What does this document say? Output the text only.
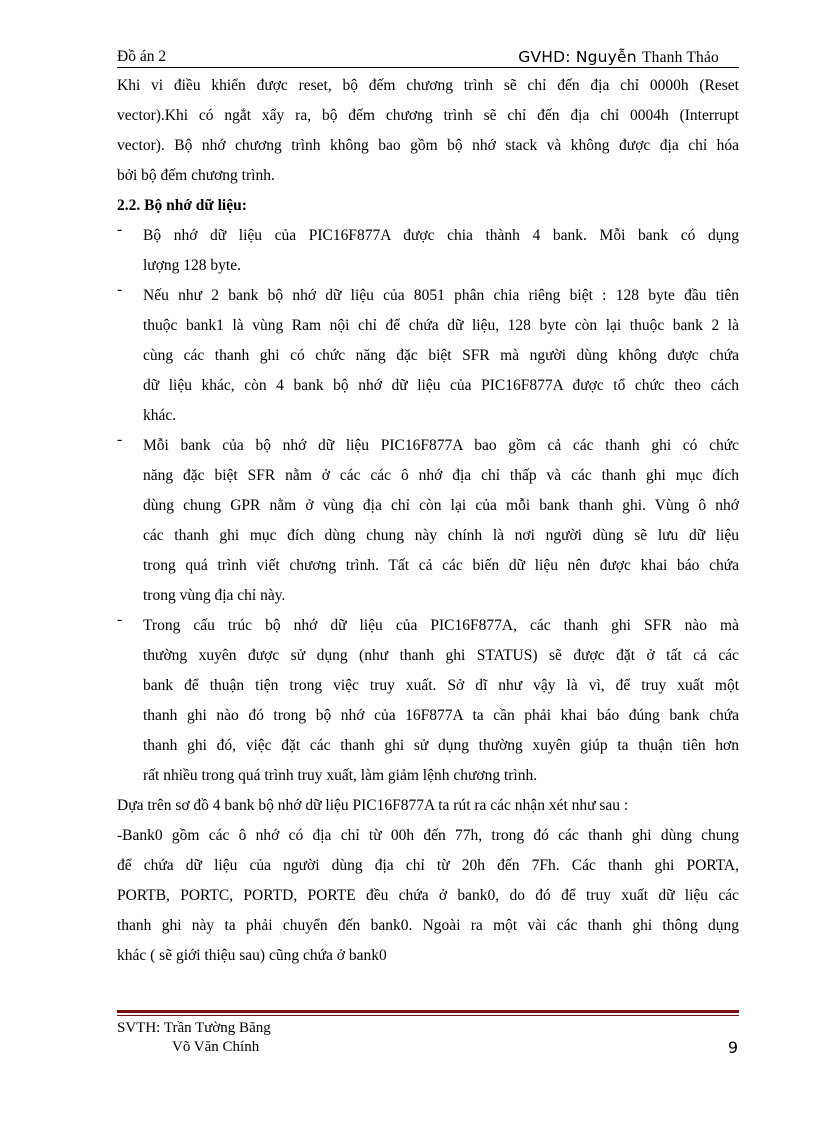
Đồ án 2	GVHD: Nguyễn Thanh Thảo
Khi vi điều khiển được reset, bộ đếm chương trình sẽ chỉ đến địa chỉ 0000h (Reset
vector).Khi có ngắt xẩy ra, bộ đếm chương trình sẽ chỉ đến địa chỉ 0004h (Interrupt
vector). Bộ nhớ chương trình không bao gồm bộ nhớ stack và không được địa chỉ hóa
bởi bộ đếm chương trình.
2.2. Bộ nhớ dữ liệu:
-	Bộ nhớ dữ liệu của PIC16F877A được chia thành 4 bank. Mỗi bank có dụng
lượng 128 byte.
-	Nếu như 2 bank bộ nhớ dữ liệu của 8051 phân chia riêng biệt : 128 byte đầu tiên
thuộc bank1 là vùng Ram nội chỉ để chứa dữ liệu, 128 byte còn lại thuộc bank 2 là
cùng các thanh ghi có chức năng đặc biệt SFR mà người dùng không được chứa
dữ liệu khác, còn 4 bank bộ nhớ dữ liệu của PIC16F877A được tổ chức theo cách
khác.
-	Mỗi bank của bộ nhớ dữ liệu PIC16F877A bao gồm cả các thanh ghi có chức
năng đặc biệt SFR nằm ở các các ô nhớ địa chỉ thấp và các thanh ghi mục đích
dùng chung GPR nằm ở vùng địa chỉ còn lại của mỗi bank thanh ghi. Vùng ô nhớ
các thanh ghi mục đích dùng chung này chính là nơi người dùng sẽ lưu dữ liệu
trong quá trình viết chương trình. Tất cả các biến dữ liệu nên được khai báo chứa
trong vùng địa chỉ này.
-	Trong cấu trúc bộ nhớ dữ liệu của PIC16F877A, các thanh ghi SFR nào mà
thường xuyên được sử dụng (như thanh ghi STATUS) sẽ được đặt ở tất cả các
bank để thuận tiện trong việc truy xuất. Sở dĩ như vậy là vì, để truy xuất một
thanh ghi nào đó trong bộ nhớ của 16F877A ta cần phải khai báo đúng bank chứa
thanh ghi đó, việc đặt các thanh ghi sử dụng thường xuyên giúp ta thuận tiên hơn
rất nhiều trong quá trình truy xuất, làm giảm lệnh chương trình.
Dựa trên sơ đồ 4 bank bộ nhớ dữ liệu PIC16F877A ta rút ra các nhận xét như sau :
-Bank0 gồm các ô nhớ có địa chỉ từ 00h đến 77h, trong đó các thanh ghi dùng chung
để chứa dữ liệu của người dùng địa chỉ từ 20h đến 7Fh. Các thanh ghi PORTA,
PORTB, PORTC, PORTD, PORTE đều chứa ở bank0, do đó để truy xuất dữ liệu các
thanh ghi này ta phải chuyển đến bank0. Ngoài ra một vài các thanh ghi thông dụng
khác ( sẽ giới thiệu sau) cũng chứa ở bank0
SVTH: Trần Tường Băng
Võ Văn Chính	9
